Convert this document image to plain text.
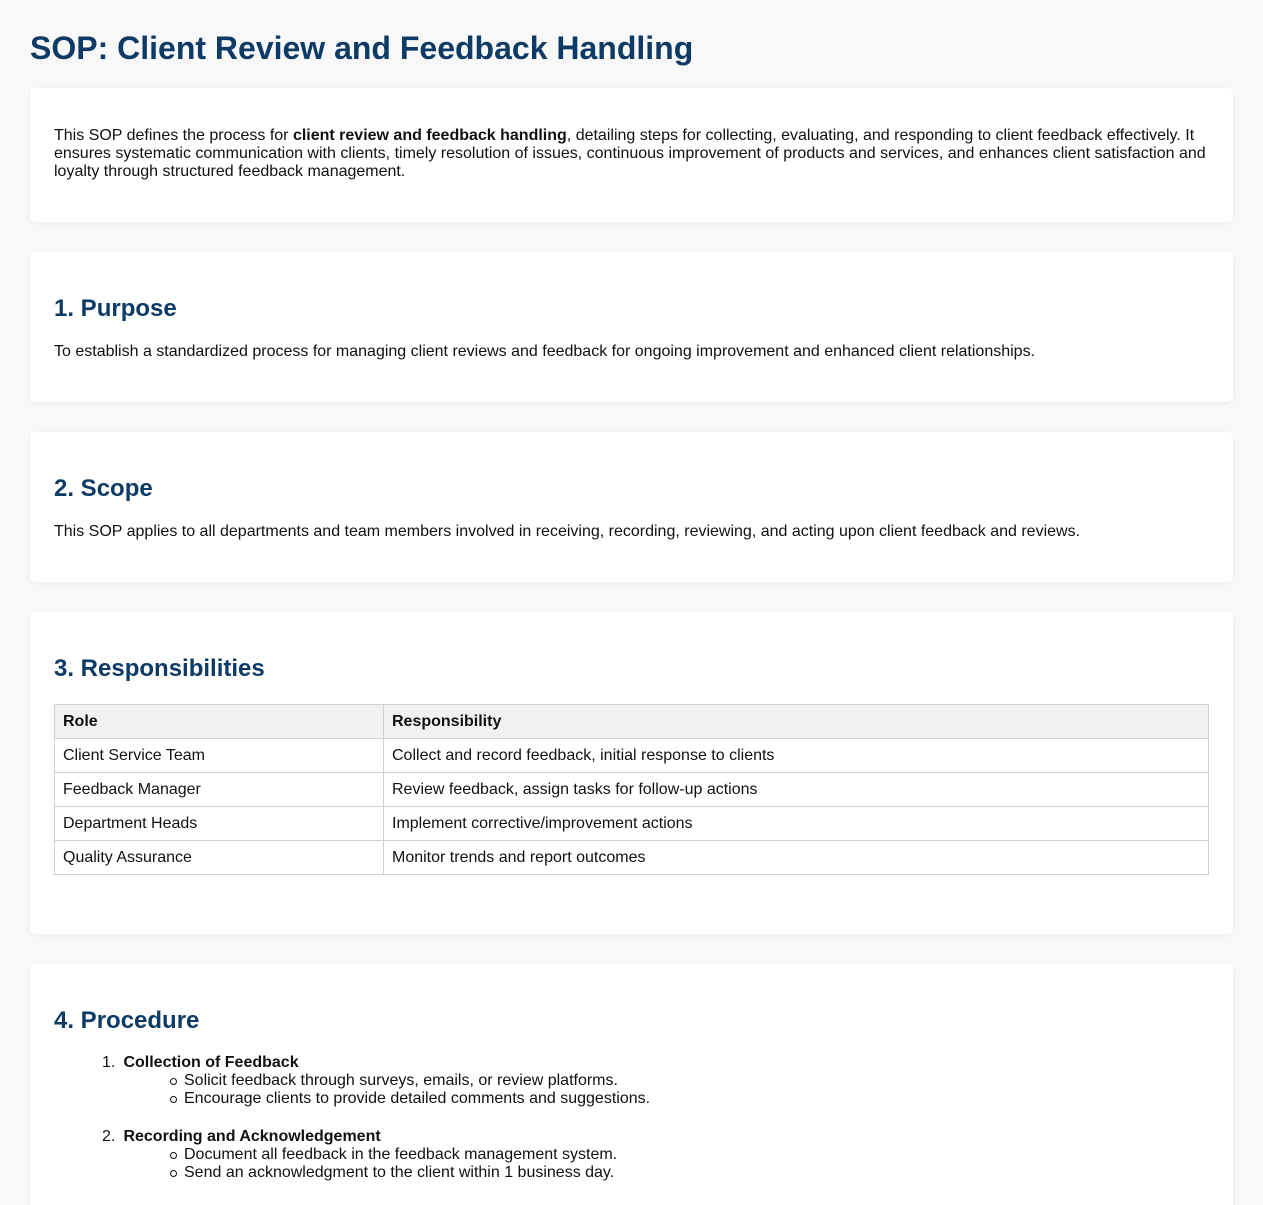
SOP: Client Review and Feedback Handling

This SOP defines the process for client review and feedback handling, detailing steps for collecting, evaluating, and responding to client feedback effectively. It ensures systematic communication with clients, timely resolution of issues, continuous improvement of products and services, and enhances client satisfaction and loyalty through structured feedback management.

1. Purpose

To establish a standardized process for managing client reviews and feedback for ongoing improvement and enhanced client relationships.

2. Scope

This SOP applies to all departments and team members involved in receiving, recording, reviewing, and acting upon client feedback and reviews.

3. Responsibilities
Role	Responsibility
Client Service Team	Collect and record feedback, initial response to clients
Feedback Manager	Review feedback, assign tasks for follow-up actions
Department Heads	Implement corrective/improvement actions
Quality Assurance	Monitor trends and report outcomes
4. Procedure
1. Collection of Feedback
Solicit feedback through surveys, emails, or review platforms.
Encourage clients to provide detailed comments and suggestions.
2. Recording and Acknowledgement
Document all feedback in the feedback management system.
Send an acknowledgment to the client within 1 business day.
